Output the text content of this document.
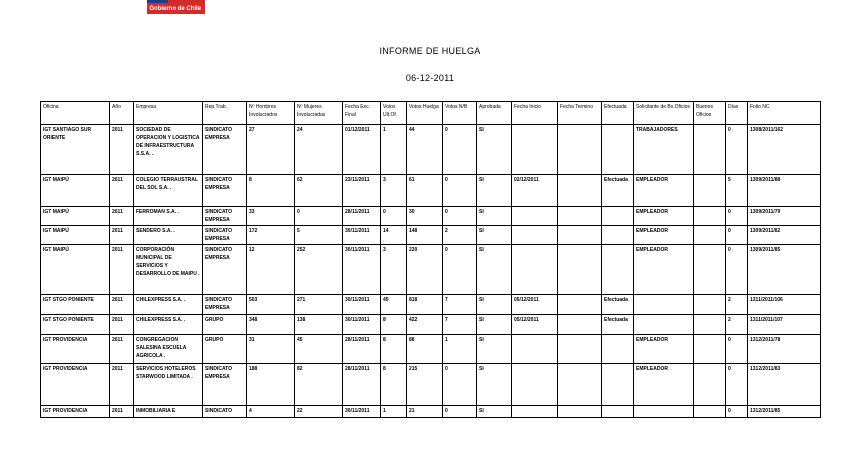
Gobierno de Chile
INFORME DE HUELGA
06-12-2011
Oficina	Año	Empresa	Rep.Trab.	Nº Hombres Involucrados	Nº Mujeres Involucradas	Fecha Exc. Final	Votos Ult.Of.	Votos Huelga	Votos N/B	Aprobada	Fecha Inicio	Fecha Termino	Efectuada	Solicitante de Bs.Oficios	Buenos Oficios	Días	Folio NC
IGT SANTIAGO SUR ORIENTE	2011	SOCIEDAD DE OPERACION Y LOGISTICA DE INFRAESTRUCTURA S.S.A. .	SINDICATO EMPRESA	27	24	01/12/2011	1	44	0	SI				TRABAJADORES		0	1308/2011/162
IGT MAIPÚ	2011	COLEGIO TERRAUSTRAL DEL SOL S.A. .	SINDICATO EMPRESA	8	62	23/11/2011	3	61	0	SI	02/12/2011		Efectuada	EMPLEADOR		5	1309/2011/88
IGT MAIPÚ	2011	FERROMAN S.A. .	SINDICATO EMPRESA	33	0	28/11/2011	0	30	0	SI				EMPLEADOR		0	1309/2011/79
IGT MAIPÚ	2011	SENDERO S.A. .	SINDICATO EMPRESA	172	5	30/11/2011	14	148	2	SI				EMPLEADOR		0	1309/2011/82
IGT MAIPÚ	2011	CORPORACIÓN MUNICIPAL DE SERVICIOS Y DESARROLLO DE MAIPU .	SINDICATO EMPRESA	12	252	30/11/2011	3	220	0	SI				EMPLEADOR		0	1309/2011/85
IGT STGO PONIENTE	2011	CHILEXPRESS S.A. .	SINDICATO EMPRESA	503	271	30/11/2011	45	818	7	SI	05/12/2011		Efectuada			2	1311/2011/106
IGT STGO PONIENTE	2011	CHILEXPRESS S.A. .	GRUPO	348	138	30/11/2011	8	422	7	SI	05/12/2011		Efectuada			2	1311/2011/107
IGT PROVIDENCIA	2011	CONGREGACION SALESINA ESCUELA AGRICOLA .	GRUPO	31	45	28/11/2011	8	88	1	SI				EMPLEADOR		0	1312/2011/78
IGT PROVIDENCIA	2011	SERVICIOS HOTELEROS STARWOOD LIMITADA .	SINDICATO EMPRESA	188	82	28/11/2011	8	215	0	SI				EMPLEADOR		0	1312/2011/83
IGT PROVIDENCIA	2011	INMOBILIARIA E	SINDICATO	4	22	30/11/2011	1	21	0	SI						0	1312/2011/85
